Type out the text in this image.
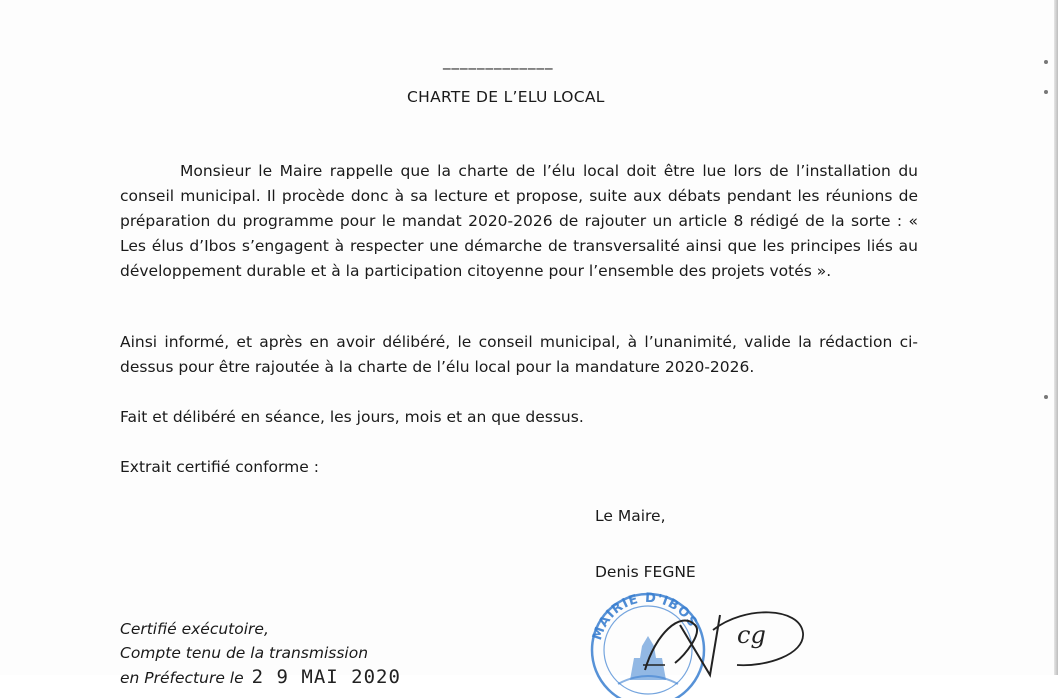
_____________
CHARTE DE L’ELU LOCAL

Monsieur le Maire rappelle que la charte de l’élu local doit être lue lors de l’installation du conseil municipal. Il procède donc à sa lecture et propose, suite aux débats pendant les réunions de préparation du programme pour le mandat 2020-2026 de rajouter un article 8 rédigé de la sorte : « Les élus d’Ibos s’engagent à respecter une démarche de transversalité ainsi que les principes liés au développement durable et à la participation citoyenne pour l’ensemble des projets votés ».

Ainsi informé, et après en avoir délibéré, le conseil municipal, à l’unanimité, valide la rédaction ci-dessus pour être rajoutée à la charte de l’élu local pour la mandature 2020-2026.

Fait et délibéré en séance, les jours, mois et an que dessus.

Extrait certifié conforme :

Le Maire,
Denis FEGNE
Certifié exécutoire,
Compte tenu de la transmission
en Préfecture le 2 9 MAI 2020
MAIRIE D'IBOS cg
